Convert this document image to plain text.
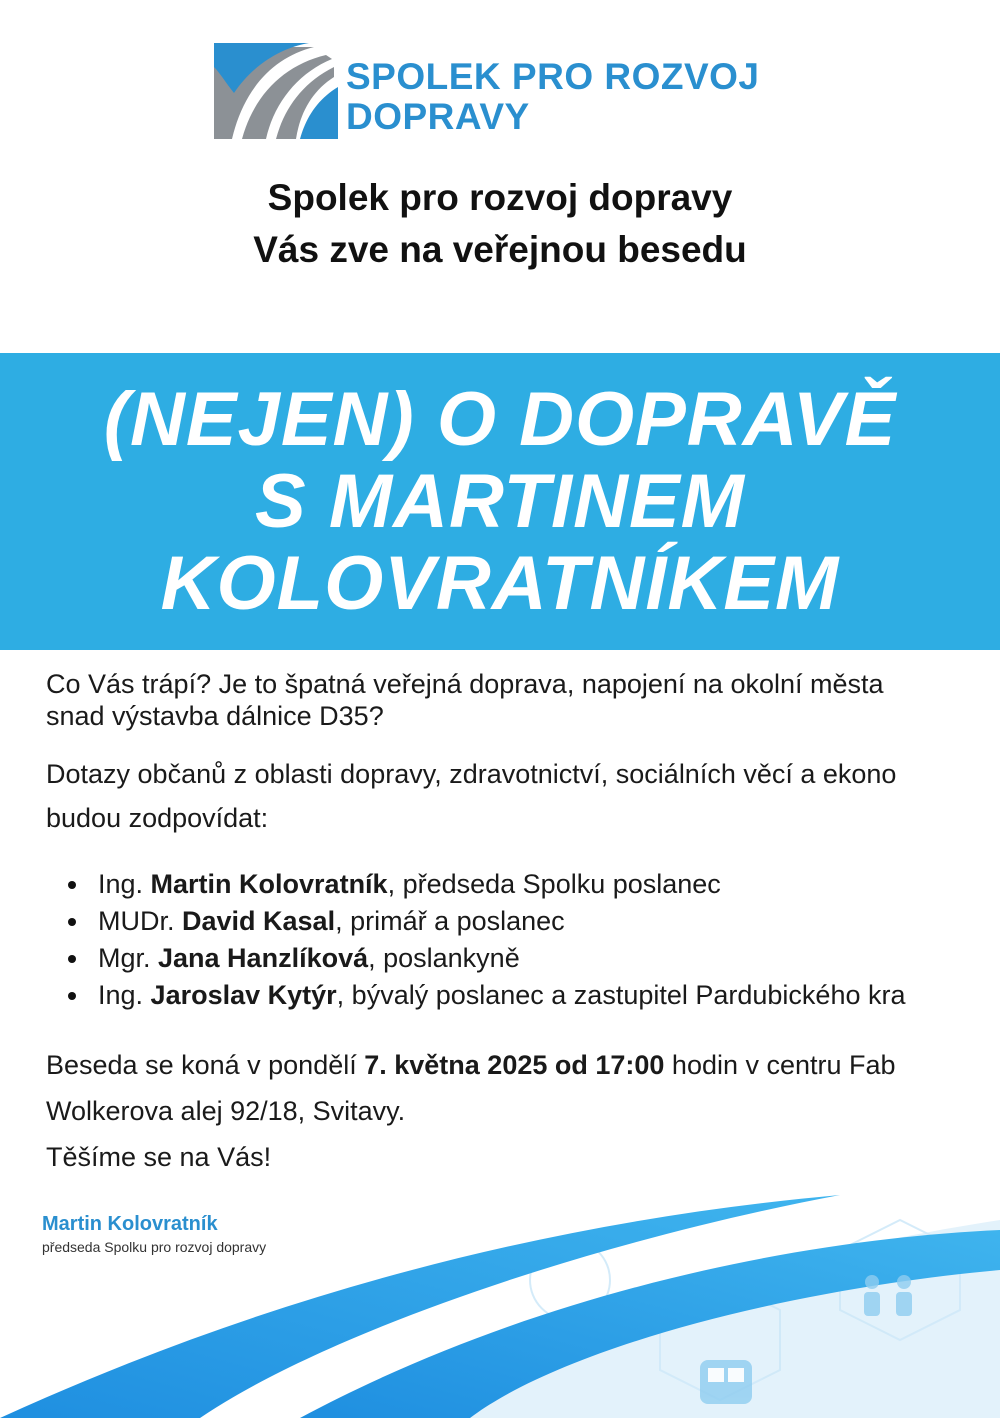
SPOLEK PRO ROZVOJ
DOPRAVY
Spolek pro rozvoj dopravy
Vás zve na veřejnou besedu
(NEJEN) O DOPRAVĚ
S MARTINEM
KOLOVRATNÍKEM

Co Vás trápí? Je to špatná veřejná doprava, napojení na okolní města

snad výstavba dálnice D35?

Dotazy občanů z oblasti dopravy, zdravotnictví, sociálních věcí a ekono

budou zodpovídat:

Ing. Martin Kolovratník, předseda Spolku poslanec
MUDr. David Kasal, primář a poslanec
Mgr. Jana Hanzlíková, poslankyně
Ing. Jaroslav Kytýr, bývalý poslanec a zastupitel Pardubického kra

Beseda se koná v pondělí 7. května 2025 od 17:00 hodin v centru Fab

Wolkerova alej 92/18, Svitavy.

Těšíme se na Vás!

Martin Kolovratník
předseda Spolku pro rozvoj dopravy
